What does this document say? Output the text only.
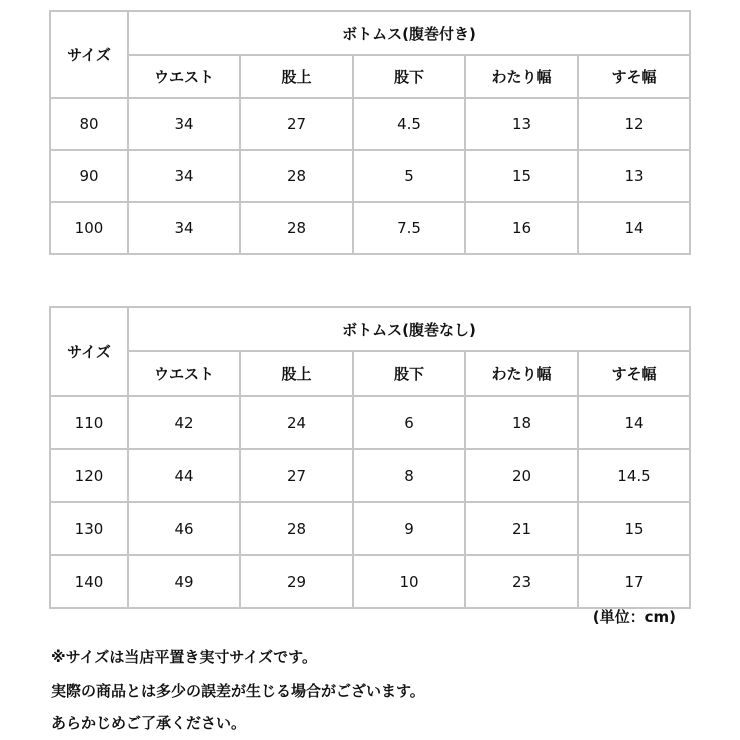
サイズ	ボトムス(腹巻付き)				
	ウエスト	股上	股下	わたり幅	すそ幅
80	34	27	4.5	13	12
90	34	28	5	15	13
100	34	28	7.5	16	14
サイズ	ボトムス(腹巻なし)				
	ウエスト	股上	股下	わたり幅	すそ幅
110	42	24	6	18	14
120	44	27	8	20	14.5
130	46	28	9	21	15
140	49	29	10	23	17
(単位：cm)
※サイズは当店平置き実寸サイズです。
実際の商品とは多少の誤差が生じる場合がございます。
あらかじめご了承ください。
